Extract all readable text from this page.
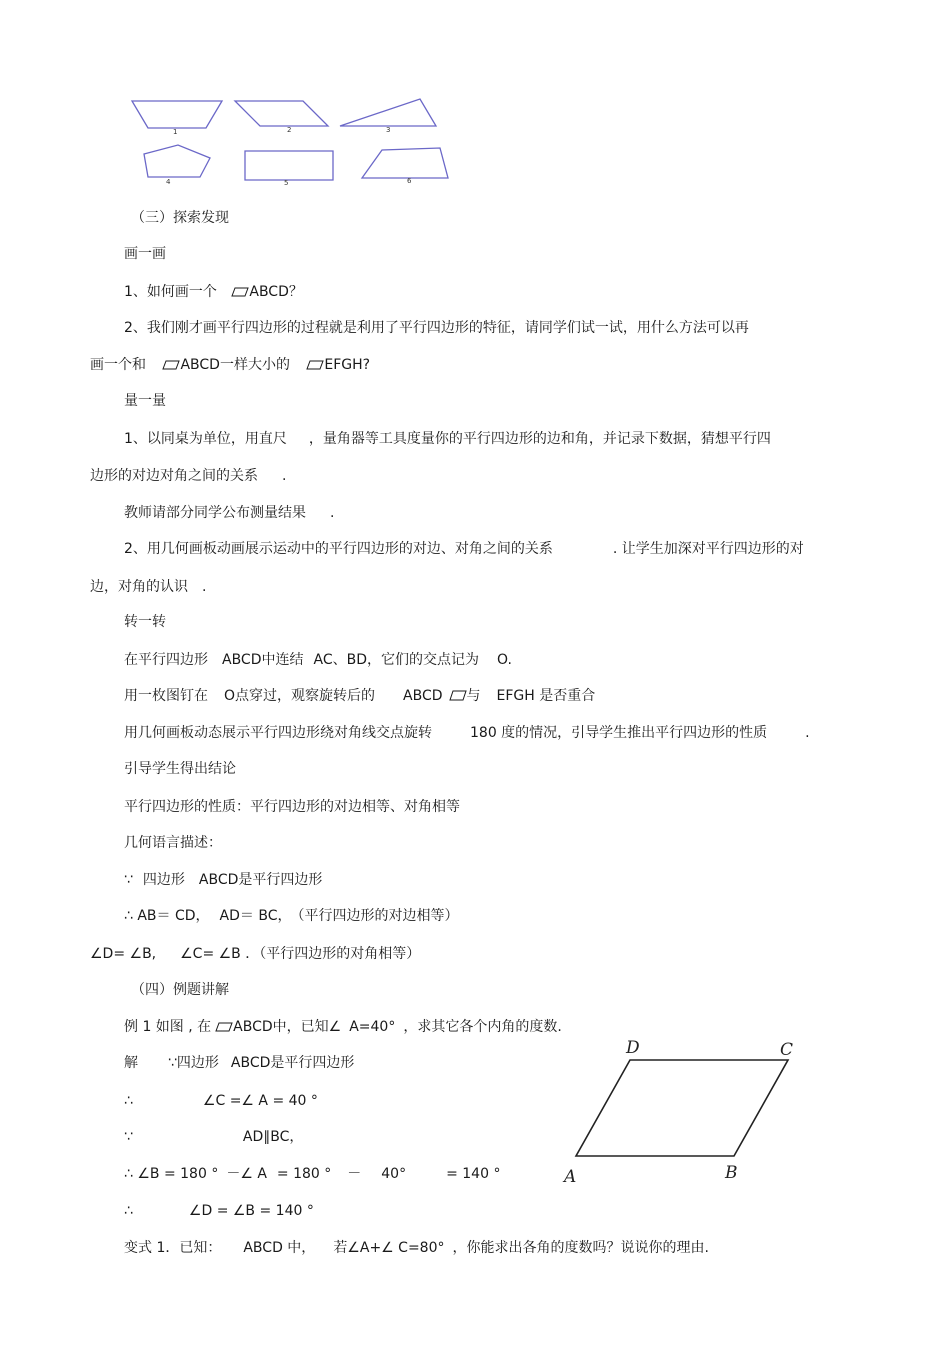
1	2	3
4	5	6
（三）探索发现
画一画
1、如何画一个 ABCD？
2、我们刚才画平行四边形的过程就是利用了平行四边形的特征，请同学们试一试，用什么方法可以再
画一个和 ABCD一样大小的 EFGH?
量一量
1、以同桌为单位，用直尺 ，量角器等工具度量你的平行四边形的边和角，并记录下数据，猜想平行四
边形的对边对角之间的关系 .
教师请部分同学公布测量结果 .
2、用几何画板动画展示运动中的平行四边形的对边、对角之间的关系	. 让学生加深对平行四边形的对
边，对角的认识 .
转一转
在平行四边形 ABCD中连结 AC、BD，它们的交点记为 O.
用一枚图钉在 O点穿过，观察旋转后的 ABCD 与 EFGH 是否重合
用几何画板动态展示平行四边形绕对角线交点旋转	180 度的情况，引导学生推出平行四边形的性质	.
引导学生得出结论
平行四边形的性质：平行四边形的对边相等、对角相等
几何语言描述：
∵ 四边形 ABCD是平行四边形
∴ AB＝ CD， AD＝ BC， （平行四边形的对边相等）
∠D= ∠B, ∠C= ∠B ．（平行四边形的对角相等）
（四）例题讲解
例 1 如图 , 在 ABCD中，已知∠ A=40° ，求其它各个内角的度数.
解 ∵四边形 ABCD是平行四边形
∴	∠C =∠ A = 40 °
∵	AD∥BC，
∴ ∠B = 180 ° －∠ A = 180 ° － 40°	= 140 °
∴	∠D = ∠B = 140 °
变式 1．已知： ABCD 中， 若∠A+∠ C=80° ，你能求出各角的度数吗？说说你的理由.
D	C
A	B
